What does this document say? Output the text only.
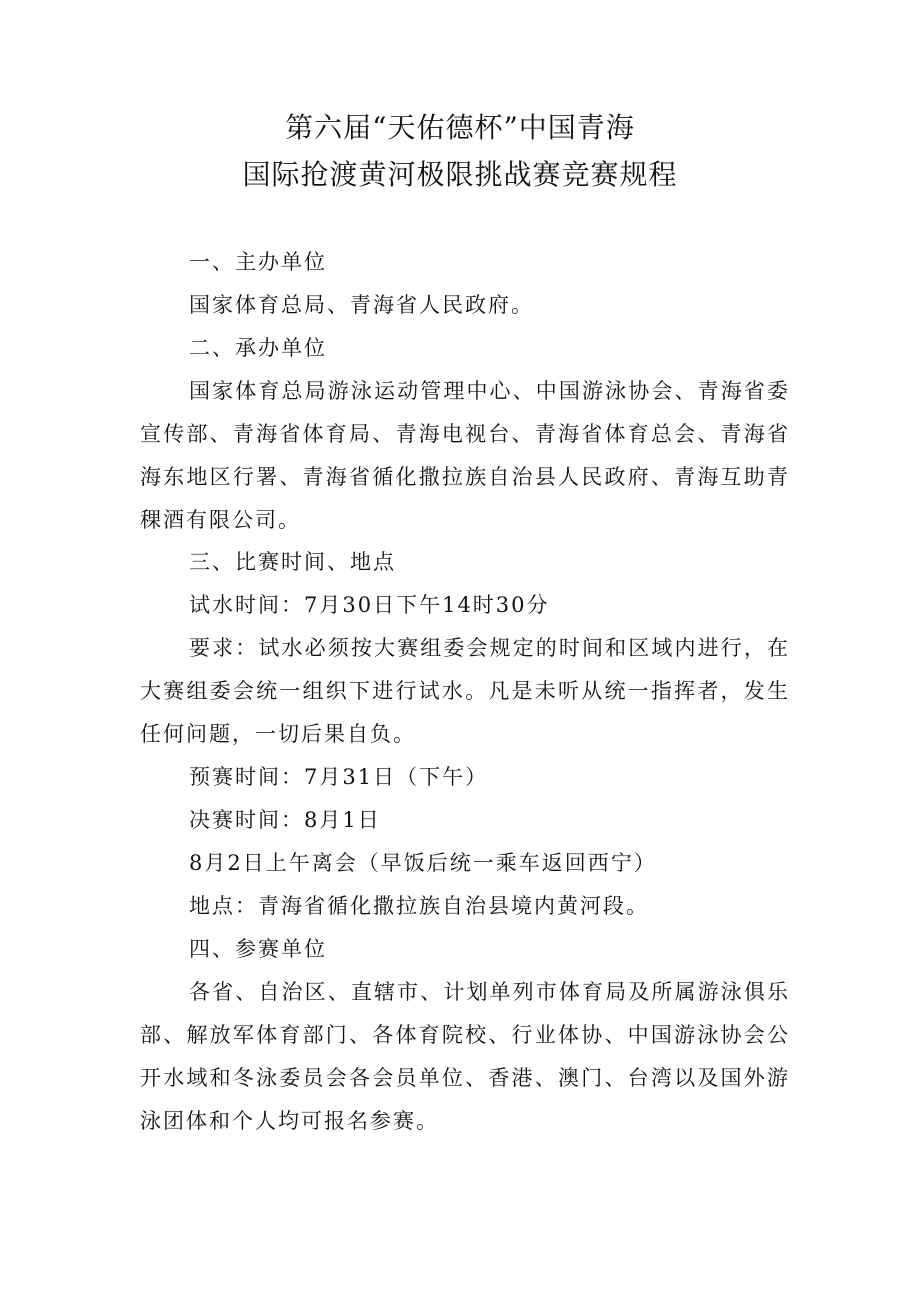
第六届“天佑德杯”中国青海
国际抢渡黄河极限挑战赛竞赛规程
一、主办单位
国家体育总局、青海省人民政府。
二、承办单位
国家体育总局游泳运动管理中心、中国游泳协会、青海省委宣传部、青海省体育局、青海电视台、青海省体育总会、青海省海东地区行署、青海省循化撒拉族自治县人民政府、青海互助青稞酒有限公司。
三、比赛时间、地点
试水时间：7月30日下午14时30分
要求：试水必须按大赛组委会规定的时间和区域内进行，在大赛组委会统一组织下进行试水。凡是未听从统一指挥者，发生任何问题，一切后果自负。
预赛时间：7月31日（下午）
决赛时间：8月1日
8月2日上午离会（早饭后统一乘车返回西宁）
地点：青海省循化撒拉族自治县境内黄河段。
四、参赛单位
各省、自治区、直辖市、计划单列市体育局及所属游泳俱乐部、解放军体育部门、各体育院校、行业体协、中国游泳协会公开水域和冬泳委员会各会员单位、香港、澳门、台湾以及国外游泳团体和个人均可报名参赛。
